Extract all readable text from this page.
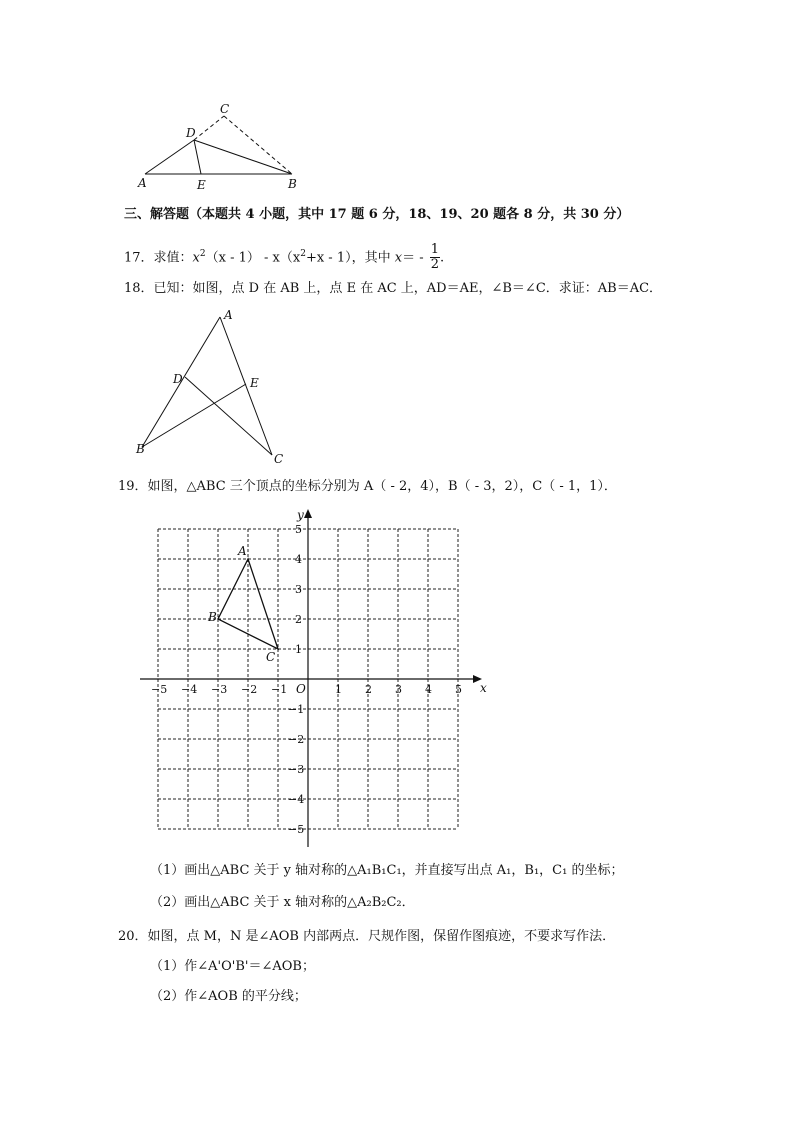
C
D
A	E	B
三、解答题（本题共 4 小题，其中 17 题 6 分，18、19、20 题各 8 分，共 30 分）
17．求值：$x^2(x - 1) - x(x^2+x - 1)$，其中 $x= - \frac{1}{2}$ .
18．已知：如图，点 D 在 AB 上，点 E 在 AC 上，AD＝AE，∠B＝∠C．求证：AB＝AC．
A
D	E
B
C
19．如图，△ABC 三个顶点的坐标分别为 A（ - 2，4），B（ - 3，2），C（ - 1，1）．
x
y
O
−5 −4 −3 −2 −1	1 2 3 4 5
5
4
3
2
1
−1
−2
−3
−4
−5
A
B
C
（1）画出△ABC 关于 y 轴对称的△A₁B₁C₁，并直接写出点 A₁，B₁，C₁ 的坐标；
（2）画出△ABC 关于 x 轴对称的△A₂B₂C₂．
20．如图，点 M，N 是∠AOB 内部两点．尺规作图，保留作图痕迹，不要求写作法．
（1）作∠A'O'B'＝∠AOB；
（2）作∠AOB 的平分线；
